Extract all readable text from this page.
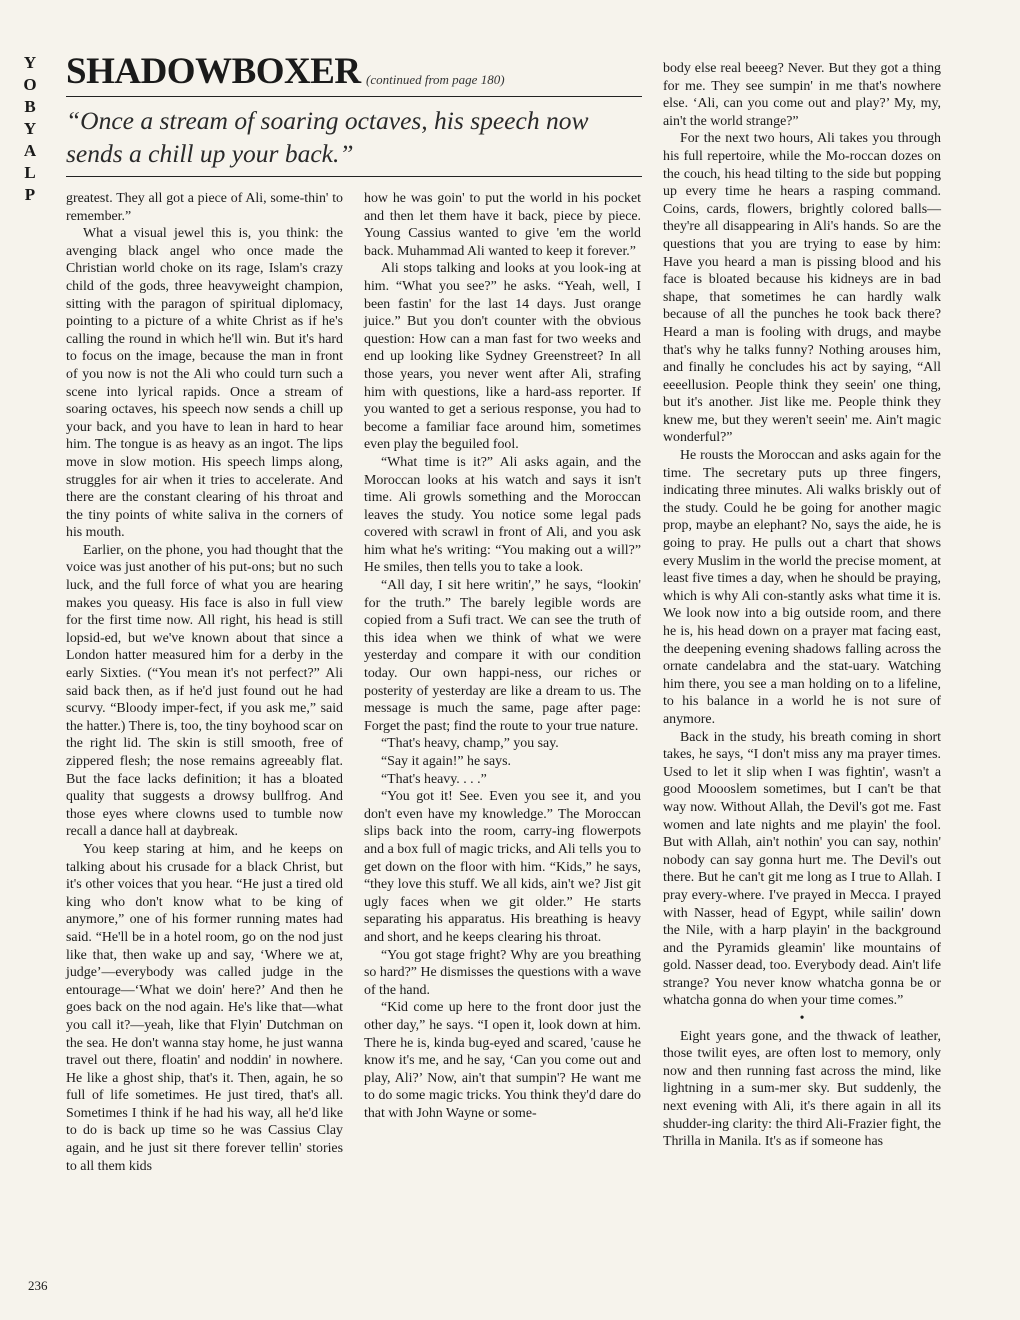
Y
O
B
Y
A
L
P
SHADOWBOXER (continued from page 180)
“Once a stream of soaring octaves, his speech now sends a chill up your back.”

greatest. They all got a piece of Ali, some-thin' to remember.”

What a visual jewel this is, you think: the avenging black angel who once made the Christian world choke on its rage, Islam's crazy child of the gods, three heavyweight champion, sitting with the paragon of spiritual diplomacy, pointing to a picture of a white Christ as if he's calling the round in which he'll win. But it's hard to focus on the image, because the man in front of you now is not the Ali who could turn such a scene into lyrical rapids. Once a stream of soaring octaves, his speech now sends a chill up your back, and you have to lean in hard to hear him. The tongue is as heavy as an ingot. The lips move in slow motion. His speech limps along, struggles for air when it tries to accelerate. And there are the constant clearing of his throat and the tiny points of white saliva in the corners of his mouth.

Earlier, on the phone, you had thought that the voice was just another of his put-ons; but no such luck, and the full force of what you are hearing makes you queasy. His face is also in full view for the first time now. All right, his head is still lopsid-ed, but we've known about that since a London hatter measured him for a derby in the early Sixties. (“You mean it's not perfect?” Ali said back then, as if he'd just found out he had scurvy. “Bloody imper-fect, if you ask me,” said the hatter.) There is, too, the tiny boyhood scar on the right lid. The skin is still smooth, free of zippered flesh; the nose remains agreeably flat. But the face lacks definition; it has a bloated quality that suggests a drowsy bullfrog. And those eyes where clowns used to tumble now recall a dance hall at daybreak.

You keep staring at him, and he keeps on talking about his crusade for a black Christ, but it's other voices that you hear. “He just a tired old king who don't know what to be king of anymore,” one of his former running mates had said. “He'll be in a hotel room, go on the nod just like that, then wake up and say, ‘Where we at, judge’—everybody was called judge in the entourage—‘What we doin' here?’ And then he goes back on the nod again. He's like that—what you call it?—yeah, like that Flyin' Dutchman on the sea. He don't wanna stay home, he just wanna travel out there, floatin' and noddin' in nowhere. He like a ghost ship, that's it. Then, again, he so full of life sometimes. He just tired, that's all. Sometimes I think if he had his way, all he'd like to do is back up time so he was Cassius Clay again, and he just sit there forever tellin' stories to all them kids

how he was goin' to put the world in his pocket and then let them have it back, piece by piece. Young Cassius wanted to give 'em the world back. Muhammad Ali wanted to keep it forever.”

Ali stops talking and looks at you look-ing at him. “What you see?” he asks. “Yeah, well, I been fastin' for the last 14 days. Just orange juice.” But you don't counter with the obvious question: How can a man fast for two weeks and end up looking like Sydney Greenstreet? In all those years, you never went after Ali, strafing him with questions, like a hard-ass reporter. If you wanted to get a serious response, you had to become a familiar face around him, sometimes even play the beguiled fool.

“What time is it?” Ali asks again, and the Moroccan looks at his watch and says it isn't time. Ali growls something and the Moroccan leaves the study. You notice some legal pads covered with scrawl in front of Ali, and you ask him what he's writing: “You making out a will?” He smiles, then tells you to take a look.

“All day, I sit here writin',” he says, “lookin' for the truth.” The barely legible words are copied from a Sufi tract. We can see the truth of this idea when we think of what we were yesterday and compare it with our condition today. Our own happi-ness, our riches or posterity of yesterday are like a dream to us. The message is much the same, page after page: Forget the past; find the route to your true nature.

“That's heavy, champ,” you say.

“Say it again!” he says.

“That's heavy. . . .”

“You got it! See. Even you see it, and you don't even have my knowledge.” The Moroccan slips back into the room, carry-ing flowerpots and a box full of magic tricks, and Ali tells you to get down on the floor with him. “Kids,” he says, “they love this stuff. We all kids, ain't we? Jist git ugly faces when we git older.” He starts separating his apparatus. His breathing is heavy and short, and he keeps clearing his throat.

“You got stage fright? Why are you breathing so hard?” He dismisses the questions with a wave of the hand.

“Kid come up here to the front door just the other day,” he says. “I open it, look down at him. There he is, kinda bug-eyed and scared, 'cause he know it's me, and he say, ‘Can you come out and play, Ali?’ Now, ain't that sumpin'? He want me to do some magic tricks. You think they'd dare do that with John Wayne or some-

body else real beeeg? Never. But they got a thing for me. They see sumpin' in me that's nowhere else. ‘Ali, can you come out and play?’ My, my, ain't the world strange?”

For the next two hours, Ali takes you through his full repertoire, while the Mo-roccan dozes on the couch, his head tilting to the side but popping up every time he hears a rasping command. Coins, cards, flowers, brightly colored balls—they're all disappearing in Ali's hands. So are the questions that you are trying to ease by him: Have you heard a man is pissing blood and his face is bloated because his kidneys are in bad shape, that sometimes he can hardly walk because of all the punches he took back there? Heard a man is fooling with drugs, and maybe that's why he talks funny? Nothing arouses him, and finally he concludes his act by saying, “All eeeellusion. People think they seein' one thing, but it's another. Jist like me. People think they knew me, but they weren't seein' me. Ain't magic wonderful?”

He rousts the Moroccan and asks again for the time. The secretary puts up three fingers, indicating three minutes. Ali walks briskly out of the study. Could he be going for another magic prop, maybe an elephant? No, says the aide, he is going to pray. He pulls out a chart that shows every Muslim in the world the precise moment, at least five times a day, when he should be praying, which is why Ali con-stantly asks what time it is. We look now into a big outside room, and there he is, his head down on a prayer mat facing east, the deepening evening shadows falling across the ornate candelabra and the stat-uary. Watching him there, you see a man holding on to a lifeline, to his balance in a world he is not sure of anymore.

Back in the study, his breath coming in short takes, he says, “I don't miss any ma prayer times. Used to let it slip when I was fightin', wasn't a good Moooslem sometimes, but I can't be that way now. Without Allah, the Devil's got me. Fast women and late nights and me playin' the fool. But with Allah, ain't nothin' you can say, nothin' nobody can say gonna hurt me. The Devil's out there. But he can't git me long as I true to Allah. I pray every-where. I've prayed in Mecca. I prayed with Nasser, head of Egypt, while sailin' down the Nile, with a harp playin' in the background and the Pyramids gleamin' like mountains of gold. Nasser dead, too. Everybody dead. Ain't life strange? You never know whatcha gonna be or whatcha gonna do when your time comes.”

•

Eight years gone, and the thwack of leather, those twilit eyes, are often lost to memory, only now and then running fast across the mind, like lightning in a sum-mer sky. But suddenly, the next evening with Ali, it's there again in all its shudder-ing clarity: the third Ali-Frazier fight, the Thrilla in Manila. It's as if someone has

236
